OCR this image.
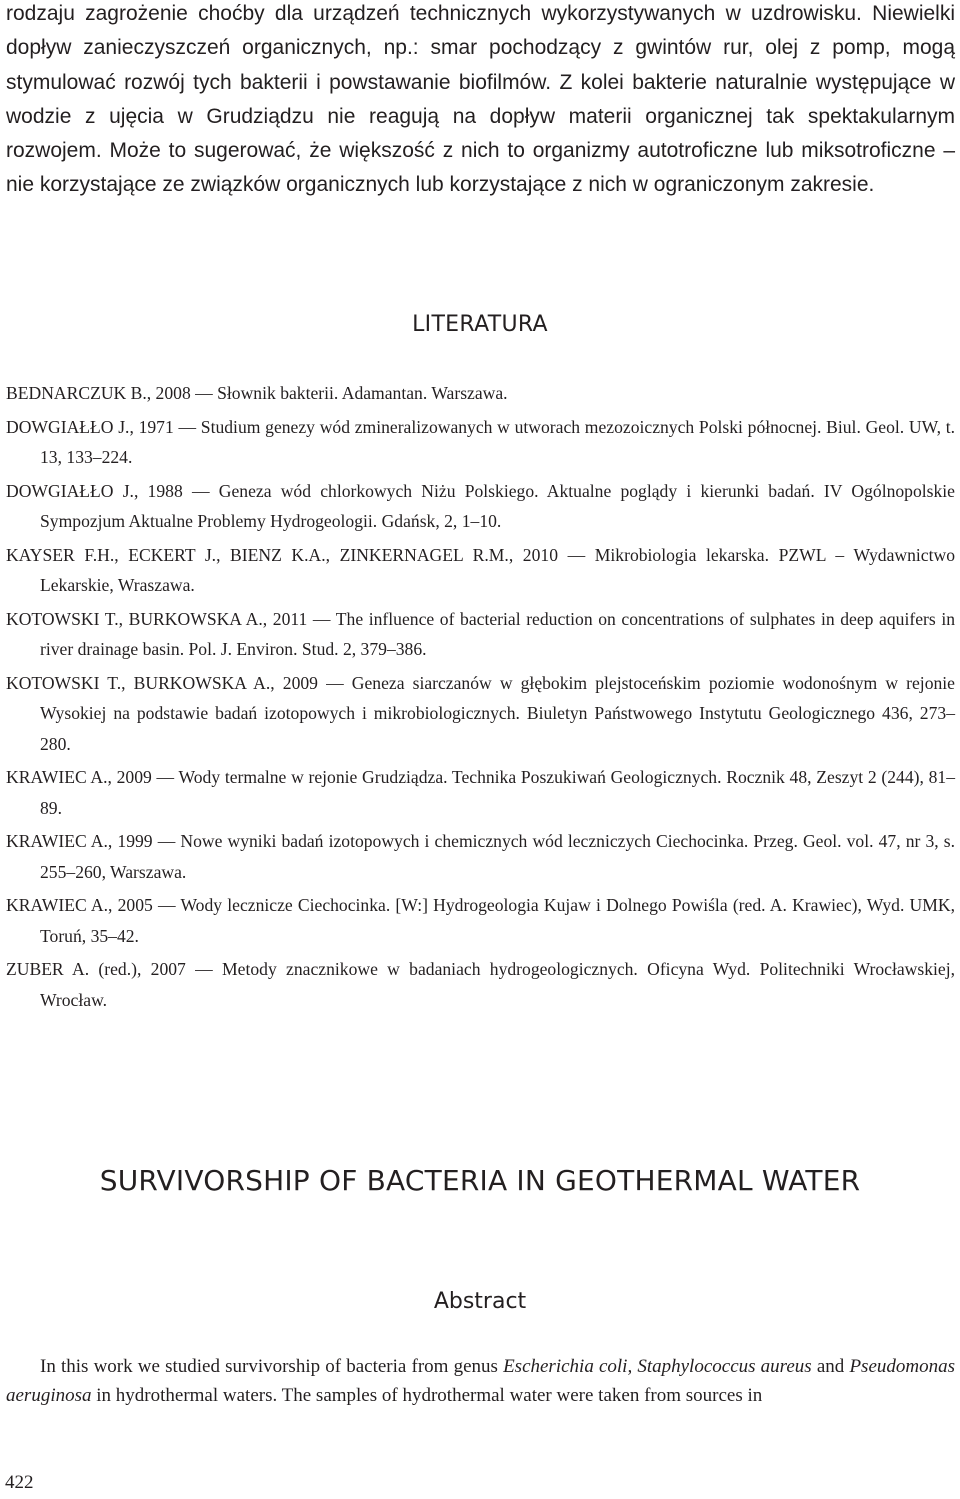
rodzaju zagrożenie choćby dla urządzeń technicznych wykorzystywanych w uzdrowisku. Niewielki dopływ zanieczyszczeń organicznych, np.: smar pochodzący z gwintów rur, olej z pomp, mogą stymulować rozwój tych bakterii i powstawanie biofilmów. Z kolei bakterie naturalnie występujące w wodzie z ujęcia w Grudziądzu nie reagują na dopływ materii organicznej tak spektakularnym rozwojem. Może to sugerować, że większość z nich to organizmy autotroficzne lub miksotroficzne – nie korzystające ze związków organicznych lub korzystające z nich w ograniczonym zakresie.

LITERATURA
BEDNARCZUK B., 2008 — Słownik bakterii. Adamantan. Warszawa.
DOWGIAŁŁO J., 1971 — Studium genezy wód zmineralizowanych w utworach mezozoicznych Polski północnej. Biul. Geol. UW, t. 13, 133–224.
DOWGIAŁŁO J., 1988 — Geneza wód chlorkowych Niżu Polskiego. Aktualne poglądy i kierunki badań. IV Ogólnopolskie Sympozjum Aktualne Problemy Hydrogeologii. Gdańsk, 2, 1–10.
KAYSER F.H., ECKERT J., BIENZ K.A., ZINKERNAGEL R.M., 2010 — Mikrobiologia lekarska. PZWL – Wydawnictwo Lekarskie, Wraszawa.
KOTOWSKI T., BURKOWSKA A., 2011 — The influence of bacterial reduction on concentrations of sulphates in deep aquifers in river drainage basin. Pol. J. Environ. Stud. 2, 379–386.
KOTOWSKI T., BURKOWSKA A., 2009 — Geneza siarczanów w głębokim plejstoceńskim poziomie wodonośnym w rejonie Wysokiej na podstawie badań izotopowych i mikrobiologicznych. Biuletyn Państwowego Instytutu Geologicznego 436, 273–280.
KRAWIEC A., 2009 — Wody termalne w rejonie Grudziądza. Technika Poszukiwań Geologicznych. Rocznik 48, Zeszyt 2 (244), 81–89.
KRAWIEC A., 1999 — Nowe wyniki badań izotopowych i chemicznych wód leczniczych Ciechocinka. Przeg. Geol. vol. 47, nr 3, s. 255–260, Warszawa.
KRAWIEC A., 2005 — Wody lecznicze Ciechocinka. [W:] Hydrogeologia Kujaw i Dolnego Powiśla (red. A. Krawiec), Wyd. UMK, Toruń, 35–42.
ZUBER A. (red.), 2007 — Metody znacznikowe w badaniach hydrogeologicznych. Oficyna Wyd. Politechniki Wrocławskiej, Wrocław.
SURVIVORSHIP OF BACTERIA IN GEOTHERMAL WATER
Abstract

In this work we studied survivorship of bacteria from genus Escherichia coli, Staphylococcus aureus and Pseudomonas aeruginosa in hydrothermal waters. The samples of hydrothermal water were taken from sources in

422
